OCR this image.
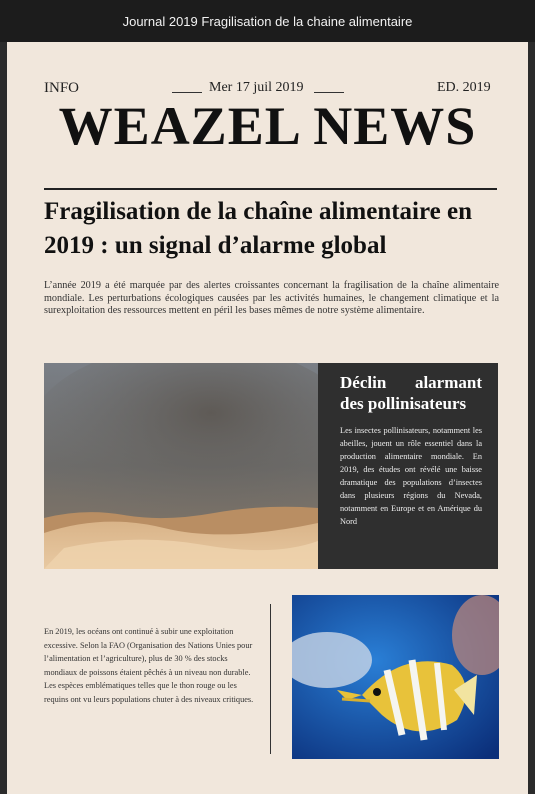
Journal 2019 Fragilisation de la chaine alimentaire
INFO	Mer 17 juil 2019	ED. 2019
WEAZEL NEWS
Fragilisation de la chaîne alimentaire en 2019 : un signal d’alarme global
L’année 2019 a été marquée par des alertes croissantes concernant la fragilisation de la chaîne alimentaire mondiale. Les perturbations écologiques causées par les activités humaines, le changement climatique et la surexploitation des ressources mettent en péril les bases mêmes de notre système alimentaire.
Déclin alarmant des pollinisateurs
Les insectes pollinisateurs, notamment les abeilles, jouent un rôle essentiel dans la production alimentaire mondiale. En 2019, des études ont révélé une baisse dramatique des populations d’insectes dans plusieurs régions du Nevada, notamment en Europe et en Amérique du Nord
En 2019, les océans ont continué à subir une exploitation excessive. Selon la FAO (Organisation des Nations Unies pour l’alimentation et l’agriculture), plus de 30 % des stocks mondiaux de poissons étaient pêchés à un niveau non durable. Les espèces emblématiques telles que le thon rouge ou les requins ont vu leurs populations chuter à des niveaux critiques.
